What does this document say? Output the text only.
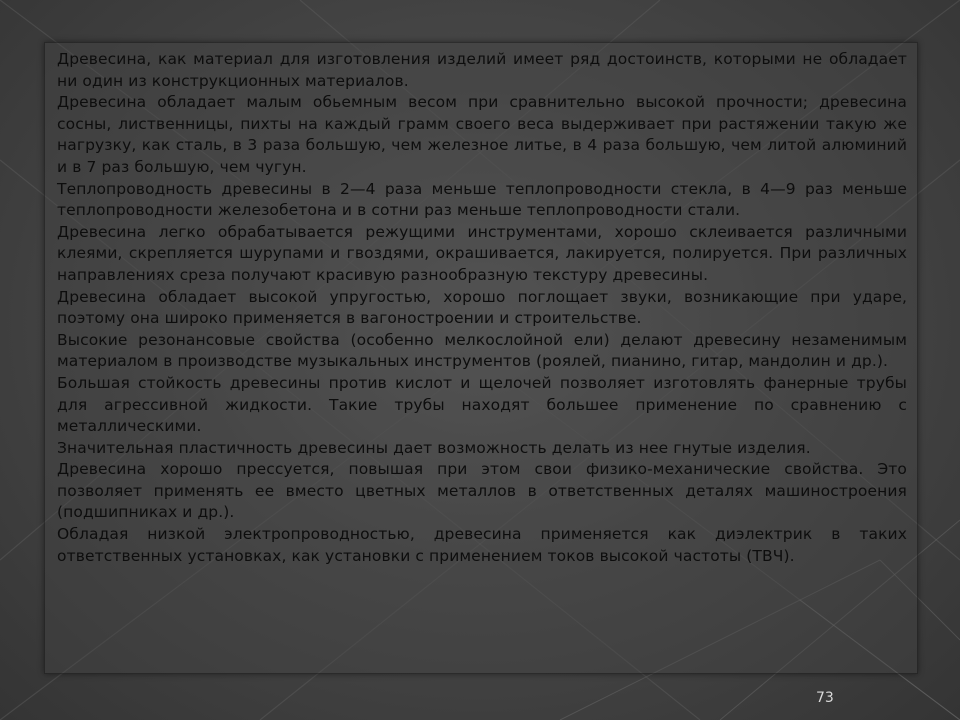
Древесина, как материал для изготовления изделий имеет ряд достоинств, которыми не обладает ни один из конструкционных материалов.

Древесина обладает малым обьемным весом при сравнительно высокой прочности; древесина сосны, лиственницы, пихты на каждый грамм своего веса выдерживает при растяжении такую же нагрузку, как сталь, в 3 раза большую, чем железное литье, в 4 раза большую, чем литой алюминий и в 7 раз большую, чем чугун.

Теплопроводность древесины в 2—4 раза меньше теплопроводности стекла, в 4—9 раз меньше теплопроводности железобетона и в сотни раз меньше теплопроводности стали.

Древесина легко обрабатывается режущими инструментами, хорошо склеивается различными клеями, скрепляется шурупами и гвоздями, окрашивается, лакируется, полируется. При различных направлениях среза получают красивую разнообразную текстуру древесины.

Древесина обладает высокой упругостью, хорошо поглощает звуки, возникающие при ударе, поэтому она широко применяется в вагоностроении и строительстве.

Высокие резонансовые свойства (особенно мелкослойной ели) делают древесину незаменимым материалом в производстве музыкальных инструментов (роялей, пианино, гитар, мандолин и др.).

Большая стойкость древесины против кислот и щелочей позволяет изготовлять фанерные трубы для агрессивной жидкости. Такие трубы находят большее применение по сравнению с металлическими.

Значительная пластичность древесины дает возможность делать из нее гнутые изделия.

Древесина хорошо прессуется, повышая при этом свои физико-механические свойства. Это позволяет применять ее вместо цветных металлов в ответственных деталях машиностроения (подшипниках и др.).

Обладая низкой электропроводностью, древесина применяется как диэлектрик в таких ответственных установках, как установки с применением токов высокой частоты (ТВЧ).

73
